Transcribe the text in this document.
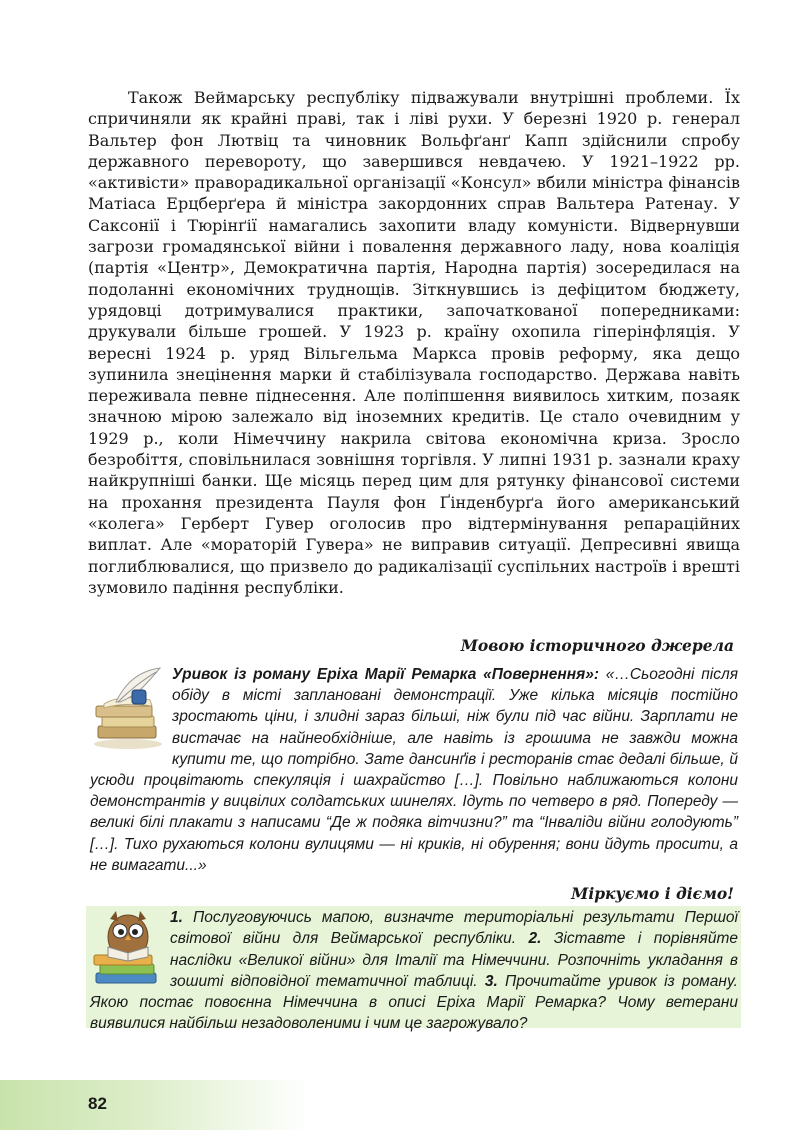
Також Веймарську республіку підважували внутрішні проблеми. Їх спричиняли як крайні праві, так і ліві рухи. У березні 1920 р. генерал Вальтер фон Лютвіц та чиновник Вольфґанґ Капп здійснили спробу державного перевороту, що завершився невдачею. У 1921–1922 рр. «активісти» праворадикальної організації «Консул» вбили міністра фінансів Матіаса Ерцберґера й міністра закордонних справ Вальтера Ратенау. У Саксонії і Тюрінґії намагались захопити владу комуністи. Відвернувши загрози громадянської війни і повалення державного ладу, нова коаліція (партія «Центр», Демократична партія, Народна партія) зосередилася на подоланні економічних труднощів. Зіткнувшись із дефіцитом бюджету, урядовці дотримувалися практики, започаткованої попередниками: друкували більше грошей. У 1923 р. країну охопила гіперінфляція. У вересні 1924 р. уряд Вільгельма Маркса провів реформу, яка дещо зупинила знецінення марки й стабілізувала господарство. Держава навіть переживала певне піднесення. Але поліпшення виявилось хитким, позаяк значною мірою залежало від іноземних кредитів. Це стало очевидним у 1929 р., коли Німеччину накрила світова економічна криза. Зросло безробіття, сповільнилася зовнішня торгівля. У липні 1931 р. зазнали краху найкрупніші банки. Ще місяць перед цим для рятунку фінансової системи на прохання президента Пауля фон Ґінденбурґа його американський «колега» Герберт Гувер оголосив про відтермінування репараційних виплат. Але «мораторій Гувера» не виправив ситуації. Депресивні явища поглиблювалися, що призвело до радикалізації суспільних настроїв і врешті зумовило падіння республіки.

Мовою історичного джерела

Уривок із роману Еріха Марії Ремарка «Повернення»: «…Сьогодні після обіду в місті заплановані демонстрації. Уже кілька місяців постійно зростають ціни, і злидні зараз більші, ніж були під час війни. Зарплати не вистачає на найнеобхідніше, але навіть із грошима не завжди можна купити те, що потрібно. Зате дансинґів і ресторанів стає дедалі більше, й усюди процвітають спекуляція і шахрайство […]. Повільно наближаються колони демонстрантів у вицвілих солдатських шинелях. Ідуть по четверо в ряд. Попереду — великі білі плакати з написами “Де ж подяка вітчизни?” та “Інваліди війни голодують” […]. Тихо рухаються колони вулицями — ні криків, ні обурення; вони йдуть просити, а не вимагати...»

Міркуємо і діємо!

1. Послуговуючись мапою, визначте територіальні результати Першої світової війни для Веймарської республіки. 2. Зіставте і порівняйте наслідки «Великої війни» для Італії та Німеччини. Розпочніть укладання в зошиті відповідної тематичної таблиці. 3. Прочитайте уривок із роману. Якою постає повоєнна Німеччина в описі Еріха Марії Ремарка? Чому ветерани виявилися найбільш незадоволеними і чим це загрожувало?

82
